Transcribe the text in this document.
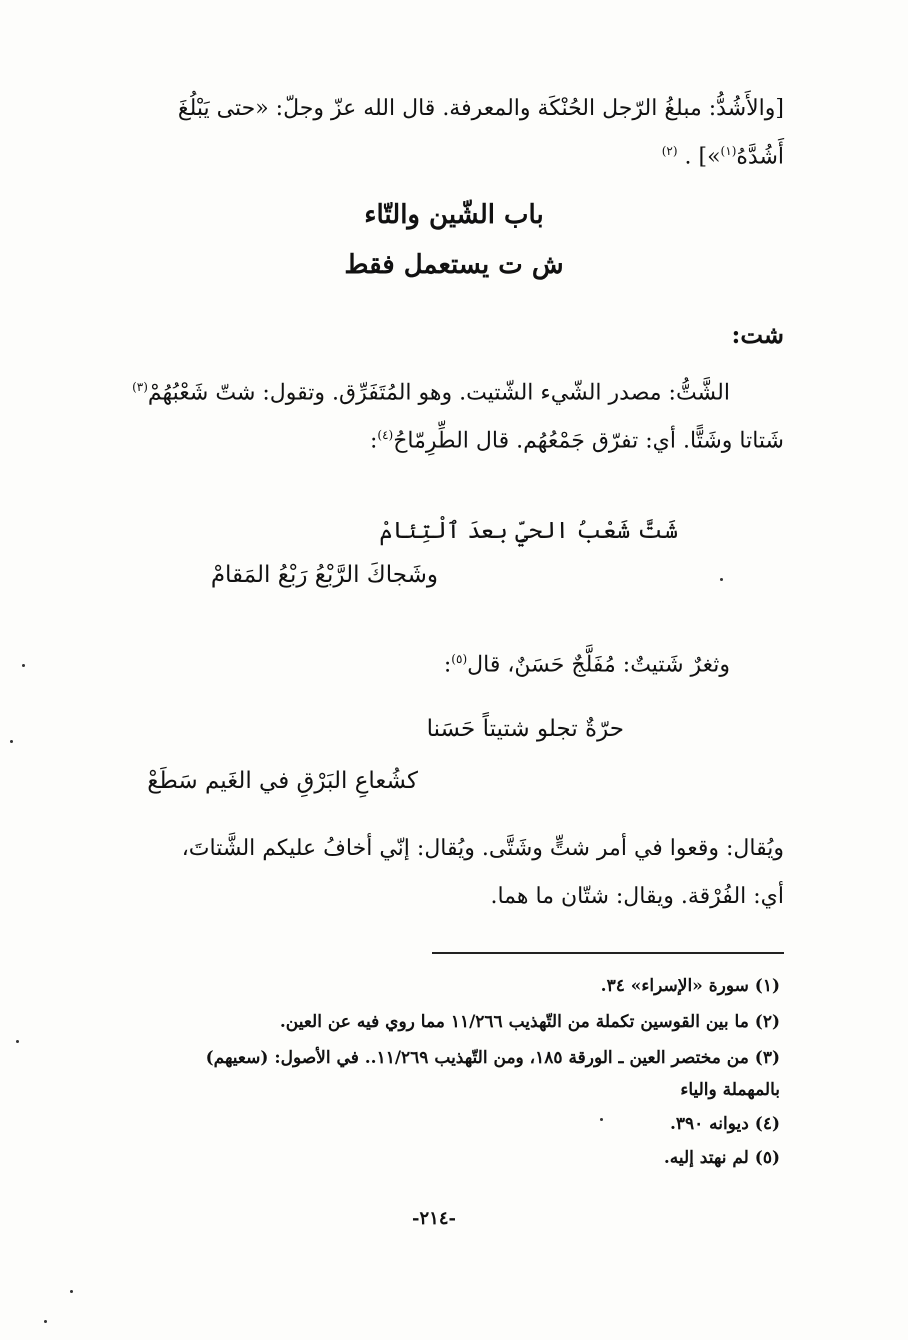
[والأَشُدُّ: مبلغُ الرّجل الحُنْكَة والمعرفة. قال الله عزّ وجلّ: «حتى يَبْلُغَ
أَشُدَّهُ$^{(١)}$»] . $^{(٢)}$
باب الشّين والتّاء
ش ت يستعمل فقط
شت:
الشَّتُّ: مصدر الشّيء الشّتيت. وهو المُتَفَرِّق. وتقول: شتّ شَعْبُهُمْ$^{(٣)}$
شَتاتا وشَتًّا. أي: تفرّق جَمْعُهُم. قال الطِّرِمّاحُ$^{(٤)}$:
شَتَّ شَعْبُ الحيِّ بعدَ ٱلْتِئامْ
وشَجاكَ الرَّبْعُ رَبْعُ المَقامْ
وثغرٌ شَتيتٌ: مُفَلَّجٌ حَسَنٌ، قال$^{(٥)}$:
حرّةٌ تجلو شتيتاً حَسَنا
كشُعاعِ البَرْقِ في الغَيم سَطَعْ
ويُقال: وقعوا في أمر شتٍّ وشَتَّى. ويُقال: إنّي أخافُ عليكم الشَّتاتَ،
أي: الفُرْقة. ويقال: شتّان ما هما.
(١) سورة «الإسراء» ٣٤.
(٢) ما بين القوسين تكملة من التّهذيب ١١/٢٦٦ مما روي فيه عن العين.
(٣) من مختصر العين ـ الورقة ١٨٥، ومن التّهذيب ١١/٢٦٩.. في الأصول: (سعيهم)
بالمهملة والياء
(٤) ديوانه ٣٩٠.
(٥) لم نهتد إليه.
-٢١٤-
